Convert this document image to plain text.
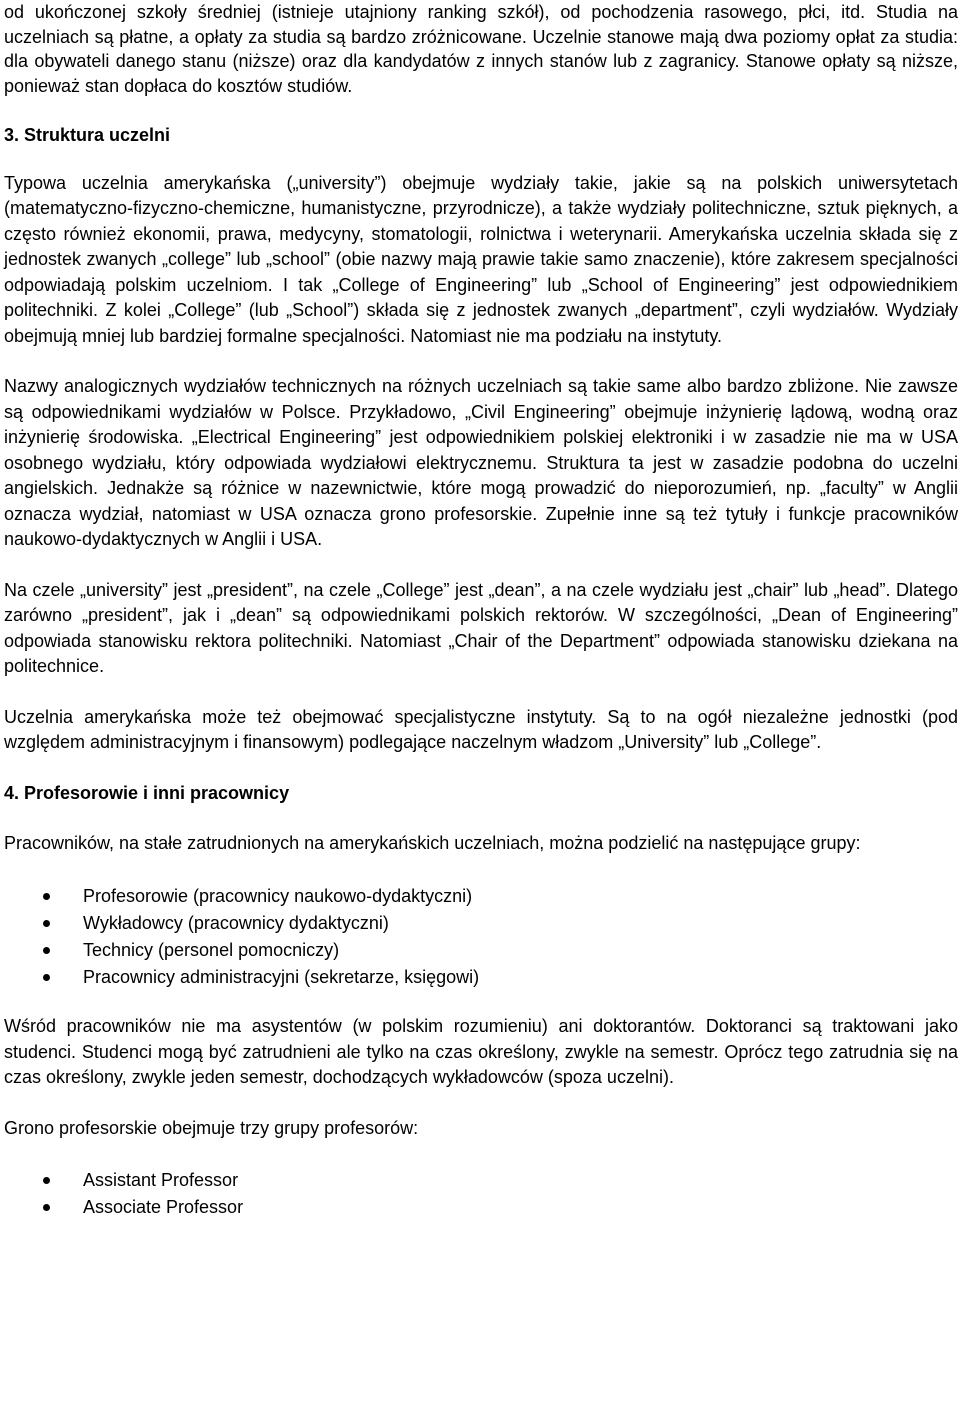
od ukończonej szkoły średniej (istnieje utajniony ranking szkół), od pochodzenia rasowego, płci, itd. Studia na uczelniach są płatne, a opłaty za studia są bardzo zróżnicowane. Uczelnie stanowe mają dwa poziomy opłat za studia: dla obywateli danego stanu (niższe) oraz dla kandydatów z innych stanów lub z zagranicy. Stanowe opłaty są niższe, ponieważ stan dopłaca do kosztów studiów.

3. Struktura uczelni

Typowa uczelnia amerykańska („university”) obejmuje wydziały takie, jakie są na polskich uniwersytetach (matematyczno-fizyczno-chemiczne, humanistyczne, przyrodnicze), a także wydziały politechniczne, sztuk pięknych, a często również ekonomii, prawa, medycyny, stomatologii, rolnictwa i weterynarii. Amerykańska uczelnia składa się z jednostek zwanych „college” lub „school” (obie nazwy mają prawie takie samo znaczenie), które zakresem specjalności odpowiadają polskim uczelniom. I tak „College of Engineering” lub „School of Engineering” jest odpowiednikiem politechniki. Z kolei „College” (lub „School”) składa się z jednostek zwanych „department”, czyli wydziałów. Wydziały obejmują mniej lub bardziej formalne specjalności. Natomiast nie ma podziału na instytuty.

Nazwy analogicznych wydziałów technicznych na różnych uczelniach są takie same albo bardzo zbliżone. Nie zawsze są odpowiednikami wydziałów w Polsce. Przykładowo, „Civil Engineering” obejmuje inżynierię lądową, wodną oraz inżynierię środowiska. „Electrical Engineering” jest odpowiednikiem polskiej elektroniki i w zasadzie nie ma w USA osobnego wydziału, który odpowiada wydziałowi elektrycznemu. Struktura ta jest w zasadzie podobna do uczelni angielskich. Jednakże są różnice w nazewnictwie, które mogą prowadzić do nieporozumień, np. „faculty” w Anglii oznacza wydział, natomiast w USA oznacza grono profesorskie. Zupełnie inne są też tytuły i funkcje pracowników naukowo-dydaktycznych w Anglii i USA.

Na czele „university” jest „president”, na czele „College” jest „dean”, a na czele wydziału jest „chair” lub „head”. Dlatego zarówno „president”, jak i „dean” są odpowiednikami polskich rektorów. W szczególności, „Dean of Engineering” odpowiada stanowisku rektora politechniki. Natomiast „Chair of the Department” odpowiada stanowisku dziekana na politechnice.

Uczelnia amerykańska może też obejmować specjalistyczne instytuty. Są to na ogół niezależne jednostki (pod względem administracyjnym i finansowym) podlegające naczelnym władzom „University” lub „College”.

4. Profesorowie i inni pracownicy

Pracowników, na stałe zatrudnionych na amerykańskich uczelniach, można podzielić na następujące grupy:

Profesorowie (pracownicy naukowo-dydaktyczni)
Wykładowcy (pracownicy dydaktyczni)
Technicy (personel pomocniczy)
Pracownicy administracyjni (sekretarze, księgowi)

Wśród pracowników nie ma asystentów (w polskim rozumieniu) ani doktorantów. Doktoranci są traktowani jako studenci. Studenci mogą być zatrudnieni ale tylko na czas określony, zwykle na semestr. Oprócz tego zatrudnia się na czas określony, zwykle jeden semestr, dochodzących wykładowców (spoza uczelni).

Grono profesorskie obejmuje trzy grupy profesorów:

Assistant Professor
Associate Professor
